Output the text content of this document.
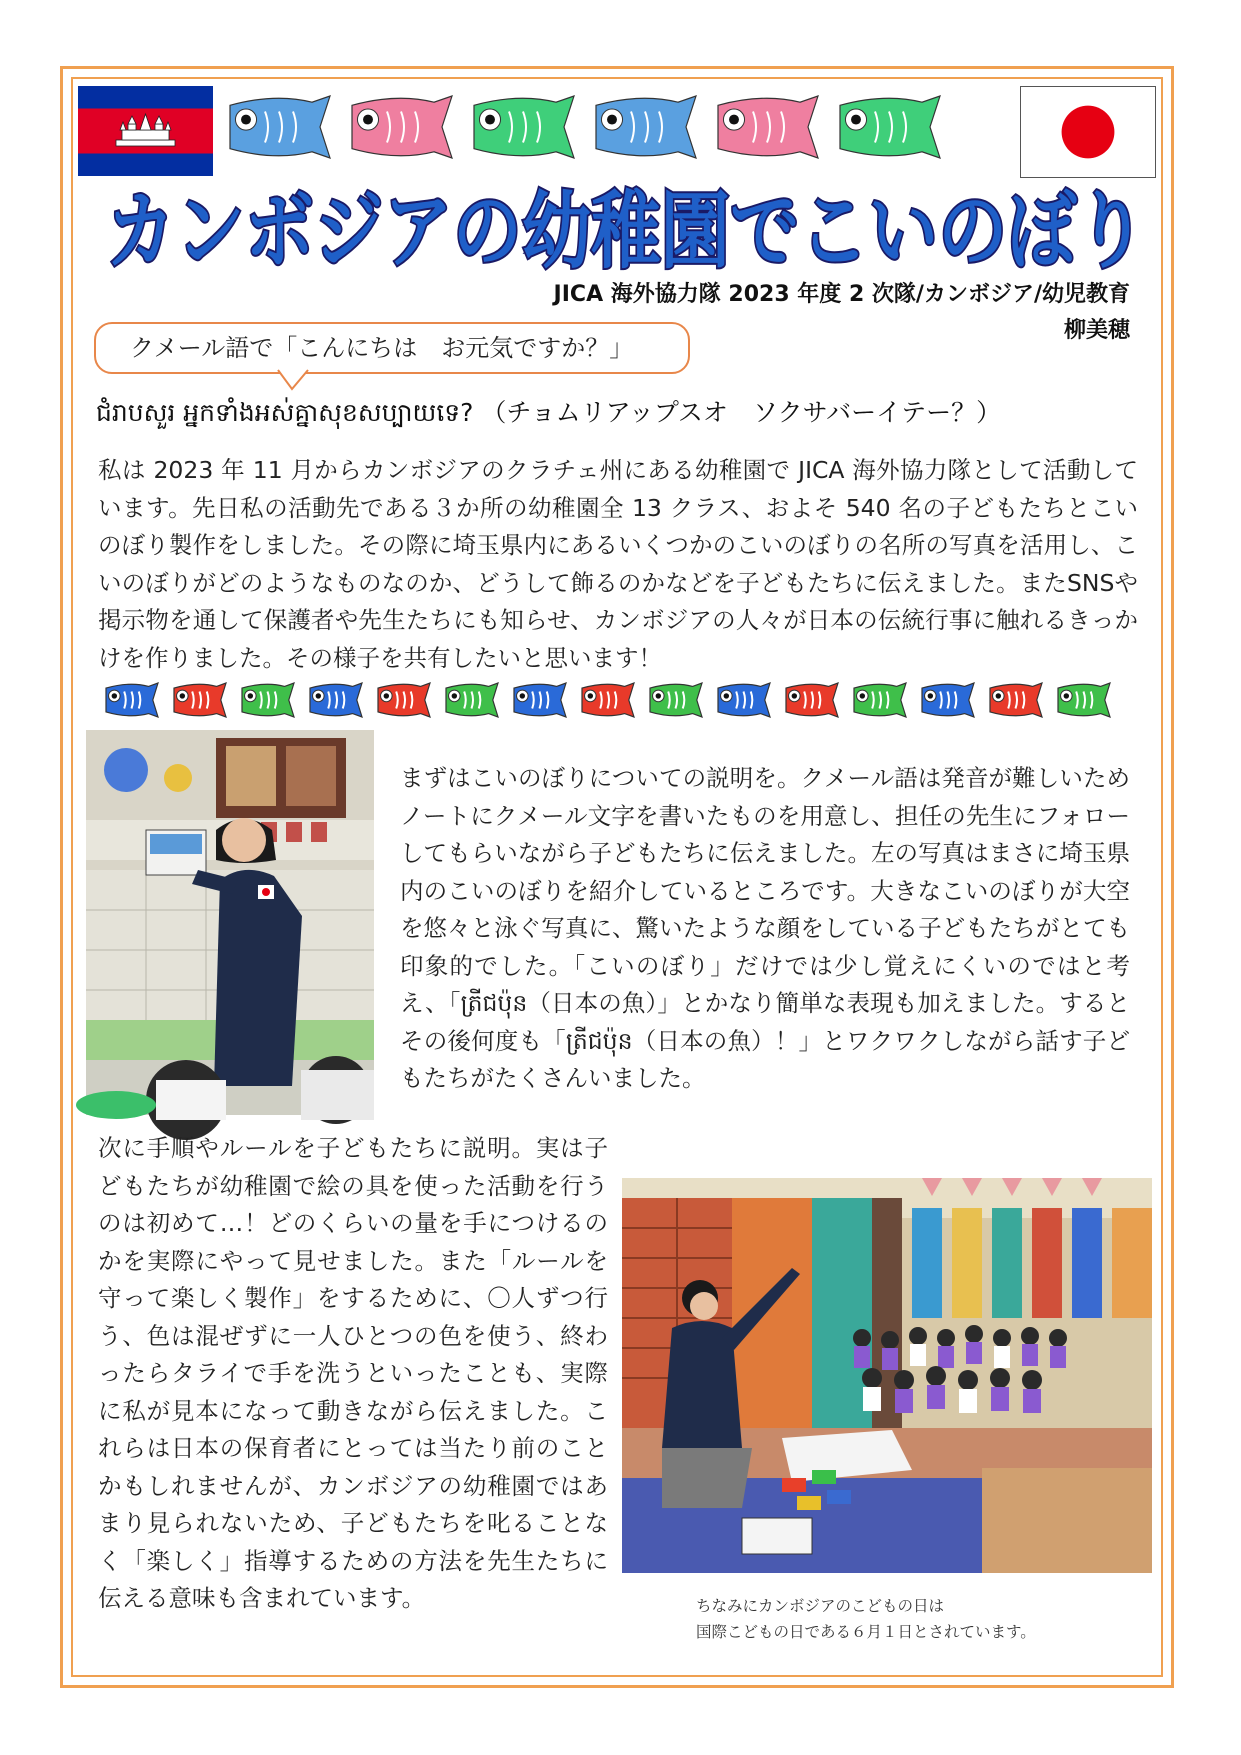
カンボジアの幼稚園でこいのぼり
JICA 海外協力隊 2023 年度 2 次隊/カンボジア/幼児教育
柳美穂
クメール語で「こんにちは　お元気ですか？」
ជំរាបសួរ អ្នកទាំងអស់គ្នាសុខសប្បាយទេ? （チョムリアップスオ　ソクサバーイテー？）
私は 2023 年 11 月からカンボジアのクラチェ州にある幼稚園で JICA 海外協力隊として活動しています。先日私の活動先である３か所の幼稚園全 13 クラス、およそ 540 名の子どもたちとこいのぼり製作をしました。その際に埼玉県内にあるいくつかのこいのぼりの名所の写真を活用し、こいのぼりがどのようなものなのか、どうして飾るのかなどを子どもたちに伝えました。またSNSや掲示物を通して保護者や先生たちにも知らせ、カンボジアの人々が日本の伝統行事に触れるきっかけを作りました。その様子を共有したいと思います！
まずはこいのぼりについての説明を。クメール語は発音が難しいためノートにクメール文字を書いたものを用意し、担任の先生にフォローしてもらいながら子どもたちに伝えました。左の写真はまさに埼玉県内のこいのぼりを紹介しているところです。大きなこいのぼりが大空を悠々と泳ぐ写真に、驚いたような顔をしている子どもたちがとても印象的でした。「こいのぼり」だけでは少し覚えにくいのではと考え、「ត្រីជប៉ុន（日本の魚）」とかなり簡単な表現も加えました。するとその後何度も「ត្រីជប៉ុន（日本の魚）！」とワクワクしながら話す子どもたちがたくさんいました。
次に手順やルールを子どもたちに説明。実は子どもたちが幼稚園で絵の具を使った活動を行うのは初めて…！どのくらいの量を手につけるのかを実際にやって見せました。また「ルールを守って楽しく製作」をするために、〇人ずつ行う、色は混ぜずに一人ひとつの色を使う、終わったらタライで手を洗うといったことも、実際に私が見本になって動きながら伝えました。これらは日本の保育者にとっては当たり前のことかもしれませんが、カンボジアの幼稚園ではあまり見られないため、子どもたちを叱ることなく「楽しく」指導するための方法を先生たちに伝える意味も含まれています。	ちなみにカンボジアのこどもの日は
国際こどもの日である６月１日とされています。
